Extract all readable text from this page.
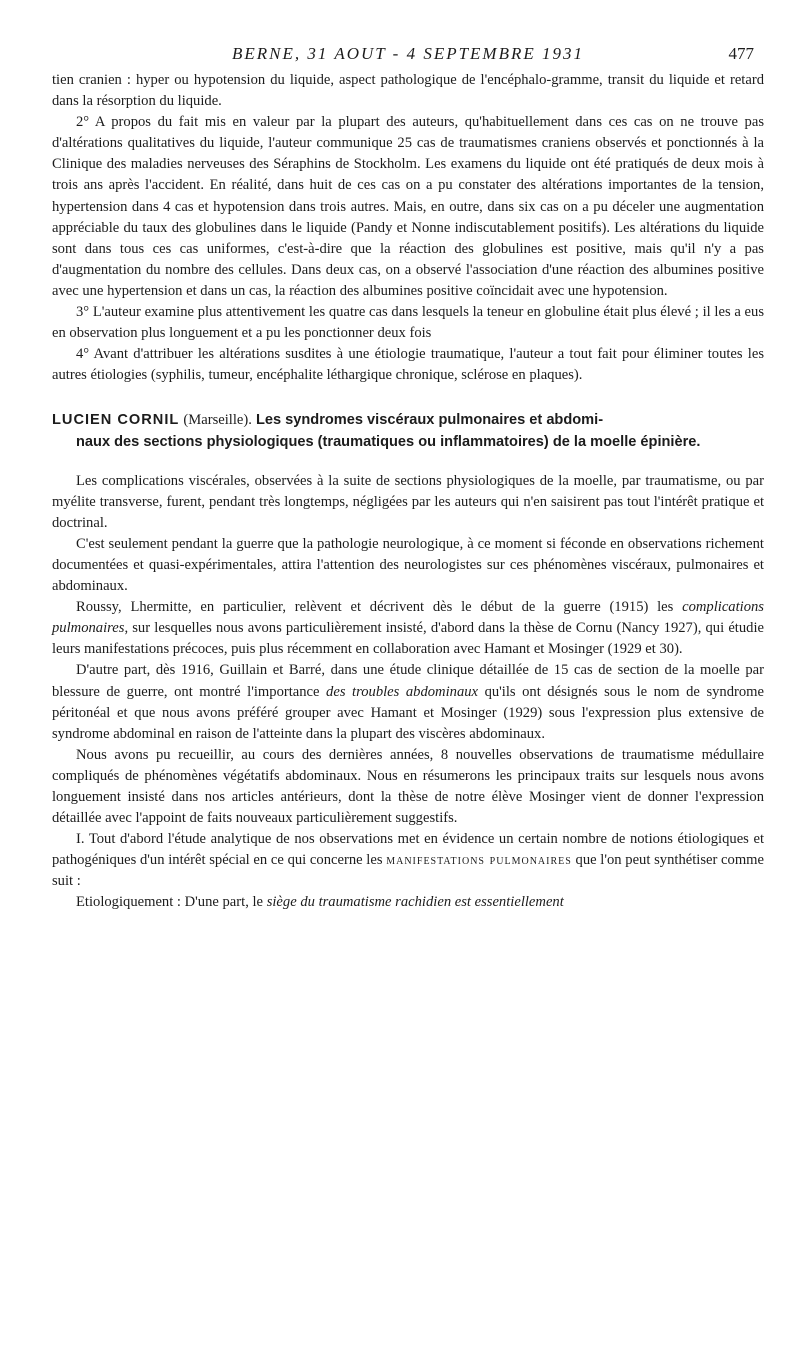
BERNE, 31 AOUT - 4 SEPTEMBRE 1931	477

tien cranien : hyper ou hypotension du liquide, aspect pathologique de l'encéphalo-gramme, transit du liquide et retard dans la résorption du liquide.

2° A propos du fait mis en valeur par la plupart des auteurs, qu'habituellement dans ces cas on ne trouve pas d'altérations qualitatives du liquide, l'auteur communique 25 cas de traumatismes craniens observés et ponctionnés à la Clinique des maladies nerveuses des Séraphins de Stockholm. Les examens du liquide ont été pratiqués de deux mois à trois ans après l'accident. En réalité, dans huit de ces cas on a pu constater des altérations importantes de la tension, hypertension dans 4 cas et hypotension dans trois autres. Mais, en outre, dans six cas on a pu déceler une augmentation appréciable du taux des globulines dans le liquide (Pandy et Nonne indiscutablement positifs). Les altérations du liquide sont dans tous ces cas uniformes, c'est-à-dire que la réaction des globulines est positive, mais qu'il n'y a pas d'augmentation du nombre des cellules. Dans deux cas, on a observé l'association d'une réaction des albumines positive avec une hypertension et dans un cas, la réaction des albumines positive coïncidait avec une hypotension.

3° L'auteur examine plus attentivement les quatre cas dans lesquels la teneur en globuline était plus élevé ; il les a eus en observation plus longuement et a pu les ponctionner deux fois

4° Avant d'attribuer les altérations susdites à une étiologie traumatique, l'auteur a tout fait pour éliminer toutes les autres étiologies (syphilis, tumeur, encéphalite léthargique chronique, sclérose en plaques).

LUCIEN CORNIL (Marseille). Les syndromes viscéraux pulmonaires et abdomi-
naux des sections physiologiques (traumatiques ou inflammatoires) de la moelle épinière.

Les complications viscérales, observées à la suite de sections physiologiques de la moelle, par traumatisme, ou par myélite transverse, furent, pendant très longtemps, négligées par les auteurs qui n'en saisirent pas tout l'intérêt pratique et doctrinal.

C'est seulement pendant la guerre que la pathologie neurologique, à ce moment si féconde en observations richement documentées et quasi-expérimentales, attira l'attention des neurologistes sur ces phénomènes viscéraux, pulmonaires et abdominaux.

Roussy, Lhermitte, en particulier, relèvent et décrivent dès le début de la guerre (1915) les complications pulmonaires, sur lesquelles nous avons particulièrement insisté, d'abord dans la thèse de Cornu (Nancy 1927), qui étudie leurs manifestations précoces, puis plus récemment en collaboration avec Hamant et Mosinger (1929 et 30).

D'autre part, dès 1916, Guillain et Barré, dans une étude clinique détaillée de 15 cas de section de la moelle par blessure de guerre, ont montré l'importance des troubles abdominaux qu'ils ont désignés sous le nom de syndrome péritonéal et que nous avons préféré grouper avec Hamant et Mosinger (1929) sous l'expression plus extensive de syndrome abdominal en raison de l'atteinte dans la plupart des viscères abdominaux.

Nous avons pu recueillir, au cours des dernières années, 8 nouvelles observations de traumatisme médullaire compliqués de phénomènes végétatifs abdominaux. Nous en résumerons les principaux traits sur lesquels nous avons longuement insisté dans nos articles antérieurs, dont la thèse de notre élève Mosinger vient de donner l'expression détaillée avec l'appoint de faits nouveaux particulièrement suggestifs.

I. Tout d'abord l'étude analytique de nos observations met en évidence un certain nombre de notions étiologiques et pathogéniques d'un intérêt spécial en ce qui concerne les manifestations pulmonaires que l'on peut synthétiser comme suit :

Etiologiquement : D'une part, le siège du traumatisme rachidien est essentiellement
